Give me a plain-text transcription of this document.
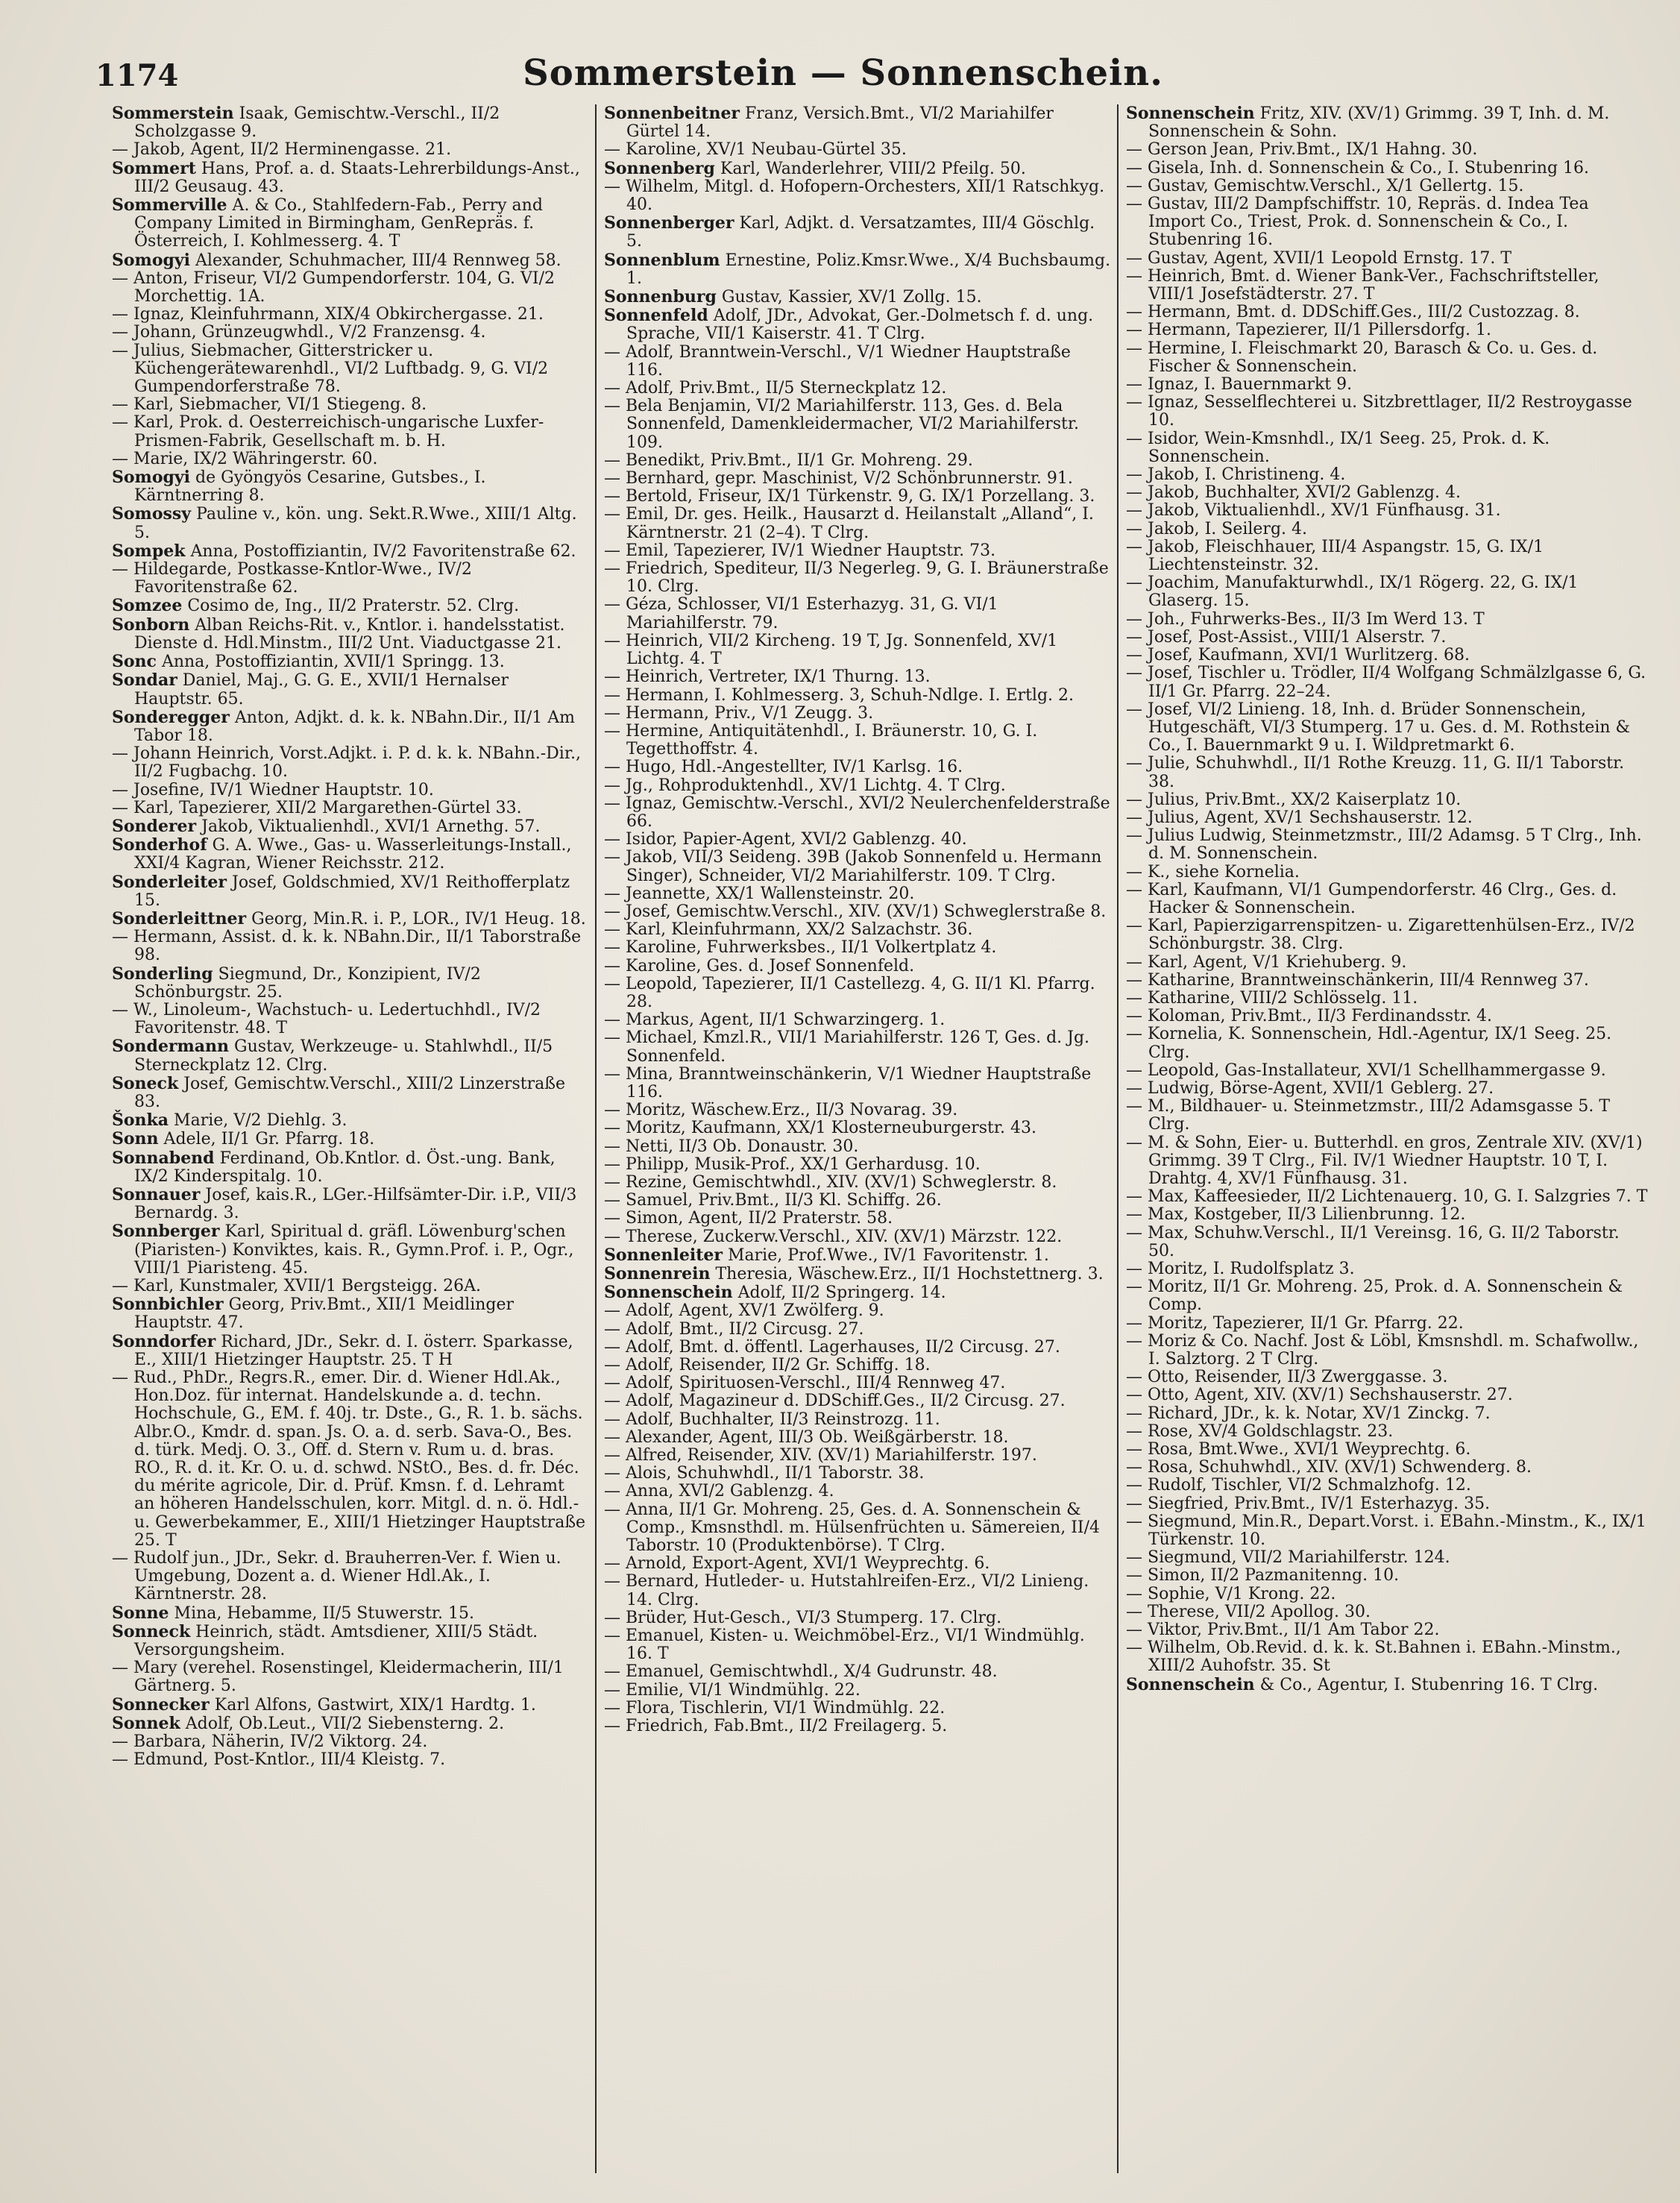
1174	Sommerstein — Sonnenschein.

Sommerstein Isaak, Gemischtw.-Verschl., II/2 Scholzgasse 9.

— Jakob, Agent, II/2 Herminengasse. 21.

Sommert Hans, Prof. a. d. Staats-Lehrerbildungs-Anst., III/2 Geusaug. 43.

Sommerville A. & Co., Stahlfedern-Fab., Perry and Company Limited in Birmingham, GenRepräs. f. Österreich, I. Kohlmesserg. 4. T

Somogyi Alexander, Schuhmacher, III/4 Rennweg 58.

— Anton, Friseur, VI/2 Gumpendorferstr. 104, G. VI/2 Morchettig. 1A.

— Ignaz, Kleinfuhrmann, XIX/4 Obkirchergasse. 21.

— Johann, Grünzeugwhdl., V/2 Franzensg. 4.

— Julius, Siebmacher, Gitterstricker u. Küchengerätewarenhdl., VI/2 Luftbadg. 9, G. VI/2 Gumpendorferstraße 78.

— Karl, Siebmacher, VI/1 Stiegeng. 8.

— Karl, Prok. d. Oesterreichisch-ungarische Luxfer-Prismen-Fabrik, Gesellschaft m. b. H.

— Marie, IX/2 Währingerstr. 60.

Somogyi de Gyöngyös Cesarine, Gutsbes., I. Kärntnerring 8.

Somossy Pauline v., kön. ung. Sekt.R.Wwe., XIII/1 Altg. 5.

Sompek Anna, Postoffiziantin, IV/2 Favoritenstraße 62.

— Hildegarde, Postkasse-Kntlor-Wwe., IV/2 Favoritenstraße 62.

Somzee Cosimo de, Ing., II/2 Praterstr. 52. Clrg.

Sonborn Alban Reichs-Rit. v., Kntlor. i. handelsstatist. Dienste d. Hdl.Minstm., III/2 Unt. Viaductgasse 21.

Sonc Anna, Postoffiziantin, XVII/1 Springg. 13.

Sondar Daniel, Maj., G. G. E., XVII/1 Hernalser Hauptstr. 65.

Sonderegger Anton, Adjkt. d. k. k. NBahn.Dir., II/1 Am Tabor 18.

— Johann Heinrich, Vorst.Adjkt. i. P. d. k. k. NBahn.-Dir., II/2 Fugbachg. 10.

— Josefine, IV/1 Wiedner Hauptstr. 10.

— Karl, Tapezierer, XII/2 Margarethen-Gürtel 33.

Sonderer Jakob, Viktualienhdl., XVI/1 Arnethg. 57.

Sonderhof G. A. Wwe., Gas- u. Wasserleitungs-Install., XXI/4 Kagran, Wiener Reichsstr. 212.

Sonderleiter Josef, Goldschmied, XV/1 Reithofferplatz 15.

Sonderleittner Georg, Min.R. i. P., LOR., IV/1 Heug. 18.

— Hermann, Assist. d. k. k. NBahn.Dir., II/1 Taborstraße 98.

Sonderling Siegmund, Dr., Konzipient, IV/2 Schönburgstr. 25.

— W., Linoleum-, Wachstuch- u. Ledertuchhdl., IV/2 Favoritenstr. 48. T

Sondermann Gustav, Werkzeuge- u. Stahlwhdl., II/5 Sterneckplatz 12. Clrg.

Soneck Josef, Gemischtw.Verschl., XIII/2 Linzerstraße 83.

Šonka Marie, V/2 Diehlg. 3.

Sonn Adele, II/1 Gr. Pfarrg. 18.

Sonnabend Ferdinand, Ob.Kntlor. d. Öst.-ung. Bank, IX/2 Kinderspitalg. 10.

Sonnauer Josef, kais.R., LGer.-Hilfsämter-Dir. i.P., VII/3 Bernardg. 3.

Sonnberger Karl, Spiritual d. gräfl. Löwenburg'schen (Piaristen-) Konviktes, kais. R., Gymn.Prof. i. P., Ogr., VIII/1 Piaristeng. 45.

— Karl, Kunstmaler, XVII/1 Bergsteigg. 26A.

Sonnbichler Georg, Priv.Bmt., XII/1 Meidlinger Hauptstr. 47.

Sonndorfer Richard, JDr., Sekr. d. I. österr. Sparkasse, E., XIII/1 Hietzinger Hauptstr. 25. T H

— Rud., PhDr., Regrs.R., emer. Dir. d. Wiener Hdl.Ak., Hon.Doz. für internat. Handelskunde a. d. techn. Hochschule, G., EM. f. 40j. tr. Dste., G., R. 1. b. sächs. Albr.O., Kmdr. d. span. Js. O. a. d. serb. Sava-O., Bes. d. türk. Medj. O. 3., Off. d. Stern v. Rum u. d. bras. RO., R. d. it. Kr. O. u. d. schwd. NStO., Bes. d. fr. Déc. du mérite agricole, Dir. d. Prüf. Kmsn. f. d. Lehramt an höheren Handelsschulen, korr. Mitgl. d. n. ö. Hdl.- u. Gewerbekammer, E., XIII/1 Hietzinger Hauptstraße 25. T

— Rudolf jun., JDr., Sekr. d. Brauherren-Ver. f. Wien u. Umgebung, Dozent a. d. Wiener Hdl.Ak., I. Kärntnerstr. 28.

Sonne Mina, Hebamme, II/5 Stuwerstr. 15.

Sonneck Heinrich, städt. Amtsdiener, XIII/5 Städt. Versorgungsheim.

— Mary (verehel. Rosenstingel, Kleidermacherin, III/1 Gärtnerg. 5.

Sonnecker Karl Alfons, Gastwirt, XIX/1 Hardtg. 1.

Sonnek Adolf, Ob.Leut., VII/2 Siebensterng. 2.

— Barbara, Näherin, IV/2 Viktorg. 24.

— Edmund, Post-Kntlor., III/4 Kleistg. 7.

Sonnenbeitner Franz, Versich.Bmt., VI/2 Mariahilfer Gürtel 14.

— Karoline, XV/1 Neubau-Gürtel 35.

Sonnenberg Karl, Wanderlehrer, VIII/2 Pfeilg. 50.

— Wilhelm, Mitgl. d. Hofopern-Orchesters, XII/1 Ratschkyg. 40.

Sonnenberger Karl, Adjkt. d. Versatzamtes, III/4 Göschlg. 5.

Sonnenblum Ernestine, Poliz.Kmsr.Wwe., X/4 Buchsbaumg. 1.

Sonnenburg Gustav, Kassier, XV/1 Zollg. 15.

Sonnenfeld Adolf, JDr., Advokat, Ger.-Dolmetsch f. d. ung. Sprache, VII/1 Kaiserstr. 41. T Clrg.

— Adolf, Branntwein-Verschl., V/1 Wiedner Hauptstraße 116.

— Adolf, Priv.Bmt., II/5 Sterneckplatz 12.

— Bela Benjamin, VI/2 Mariahilferstr. 113, Ges. d. Bela Sonnenfeld, Damenkleidermacher, VI/2 Mariahilferstr. 109.

— Benedikt, Priv.Bmt., II/1 Gr. Mohreng. 29.

— Bernhard, gepr. Maschinist, V/2 Schönbrunnerstr. 91.

— Bertold, Friseur, IX/1 Türkenstr. 9, G. IX/1 Porzellang. 3.

— Emil, Dr. ges. Heilk., Hausarzt d. Heilanstalt „Alland“, I. Kärntnerstr. 21 (2–4). T Clrg.

— Emil, Tapezierer, IV/1 Wiedner Hauptstr. 73.

— Friedrich, Spediteur, II/3 Negerleg. 9, G. I. Bräunerstraße 10. Clrg.

— Géza, Schlosser, VI/1 Esterhazyg. 31, G. VI/1 Mariahilferstr. 79.

— Heinrich, VII/2 Kircheng. 19 T, Jg. Sonnenfeld, XV/1 Lichtg. 4. T

— Heinrich, Vertreter, IX/1 Thurng. 13.

— Hermann, I. Kohlmesserg. 3, Schuh-Ndlge. I. Ertlg. 2.

— Hermann, Priv., V/1 Zeugg. 3.

— Hermine, Antiquitätenhdl., I. Bräunerstr. 10, G. I. Tegetthoffstr. 4.

— Hugo, Hdl.-Angestellter, IV/1 Karlsg. 16.

— Jg., Rohproduktenhdl., XV/1 Lichtg. 4. T Clrg.

— Ignaz, Gemischtw.-Verschl., XVI/2 Neulerchenfelderstraße 66.

— Isidor, Papier-Agent, XVI/2 Gablenzg. 40.

— Jakob, VII/3 Seideng. 39B (Jakob Sonnenfeld u. Hermann Singer), Schneider, VI/2 Mariahilferstr. 109. T Clrg.

— Jeannette, XX/1 Wallensteinstr. 20.

— Josef, Gemischtw.Verschl., XIV. (XV/1) Schweglerstraße 8.

— Karl, Kleinfuhrmann, XX/2 Salzachstr. 36.

— Karoline, Fuhrwerksbes., II/1 Volkertplatz 4.

— Karoline, Ges. d. Josef Sonnenfeld.

— Leopold, Tapezierer, II/1 Castellezg. 4, G. II/1 Kl. Pfarrg. 28.

— Markus, Agent, II/1 Schwarzingerg. 1.

— Michael, Kmzl.R., VII/1 Mariahilferstr. 126 T, Ges. d. Jg. Sonnenfeld.

— Mina, Branntweinschänkerin, V/1 Wiedner Hauptstraße 116.

— Moritz, Wäschew.Erz., II/3 Novarag. 39.

— Moritz, Kaufmann, XX/1 Klosterneuburgerstr. 43.

— Netti, II/3 Ob. Donaustr. 30.

— Philipp, Musik-Prof., XX/1 Gerhardusg. 10.

— Rezine, Gemischtwhdl., XIV. (XV/1) Schweglerstr. 8.

— Samuel, Priv.Bmt., II/3 Kl. Schiffg. 26.

— Simon, Agent, II/2 Praterstr. 58.

— Therese, Zuckerw.Verschl., XIV. (XV/1) Märzstr. 122.

Sonnenleiter Marie, Prof.Wwe., IV/1 Favoritenstr. 1.

Sonnenrein Theresia, Wäschew.Erz., II/1 Hochstettnerg. 3.

Sonnenschein Adolf, II/2 Springerg. 14.

— Adolf, Agent, XV/1 Zwölferg. 9.

— Adolf, Bmt., II/2 Circusg. 27.

— Adolf, Bmt. d. öffentl. Lagerhauses, II/2 Circusg. 27.

— Adolf, Reisender, II/2 Gr. Schiffg. 18.

— Adolf, Spirituosen-Verschl., III/4 Rennweg 47.

— Adolf, Magazineur d. DDSchiff.Ges., II/2 Circusg. 27.

— Adolf, Buchhalter, II/3 Reinstrozg. 11.

— Alexander, Agent, III/3 Ob. Weißgärberstr. 18.

— Alfred, Reisender, XIV. (XV/1) Mariahilferstr. 197.

— Alois, Schuhwhdl., II/1 Taborstr. 38.

— Anna, XVI/2 Gablenzg. 4.

— Anna, II/1 Gr. Mohreng. 25, Ges. d. A. Sonnenschein & Comp., Kmsnsthdl. m. Hülsenfrüchten u. Sämereien, II/4 Taborstr. 10 (Produktenbörse). T Clrg.

— Arnold, Export-Agent, XVI/1 Weyprechtg. 6.

— Bernard, Hutleder- u. Hutstahlreifen-Erz., VI/2 Linieng. 14. Clrg.

— Brüder, Hut-Gesch., VI/3 Stumperg. 17. Clrg.

— Emanuel, Kisten- u. Weichmöbel-Erz., VI/1 Windmühlg. 16. T

— Emanuel, Gemischtwhdl., X/4 Gudrunstr. 48.

— Emilie, VI/1 Windmühlg. 22.

— Flora, Tischlerin, VI/1 Windmühlg. 22.

— Friedrich, Fab.Bmt., II/2 Freilagerg. 5.

Sonnenschein Fritz, XIV. (XV/1) Grimmg. 39 T, Inh. d. M. Sonnenschein & Sohn.

— Gerson Jean, Priv.Bmt., IX/1 Hahng. 30.

— Gisela, Inh. d. Sonnenschein & Co., I. Stubenring 16.

— Gustav, Gemischtw.Verschl., X/1 Gellertg. 15.

— Gustav, III/2 Dampfschiffstr. 10, Repräs. d. Indea Tea Import Co., Triest, Prok. d. Sonnenschein & Co., I. Stubenring 16.

— Gustav, Agent, XVII/1 Leopold Ernstg. 17. T

— Heinrich, Bmt. d. Wiener Bank-Ver., Fachschriftsteller, VIII/1 Josefstädterstr. 27. T

— Hermann, Bmt. d. DDSchiff.Ges., III/2 Custozzag. 8.

— Hermann, Tapezierer, II/1 Pillersdorfg. 1.

— Hermine, I. Fleischmarkt 20, Barasch & Co. u. Ges. d. Fischer & Sonnenschein.

— Ignaz, I. Bauernmarkt 9.

— Ignaz, Sesselflechterei u. Sitzbrettlager, II/2 Restroygasse 10.

— Isidor, Wein-Kmsnhdl., IX/1 Seeg. 25, Prok. d. K. Sonnenschein.

— Jakob, I. Christineng. 4.

— Jakob, Buchhalter, XVI/2 Gablenzg. 4.

— Jakob, Viktualienhdl., XV/1 Fünfhausg. 31.

— Jakob, I. Seilerg. 4.

— Jakob, Fleischhauer, III/4 Aspangstr. 15, G. IX/1 Liechtensteinstr. 32.

— Joachim, Manufakturwhdl., IX/1 Rögerg. 22, G. IX/1 Glaserg. 15.

— Joh., Fuhrwerks-Bes., II/3 Im Werd 13. T

— Josef, Post-Assist., VIII/1 Alserstr. 7.

— Josef, Kaufmann, XVI/1 Wurlitzerg. 68.

— Josef, Tischler u. Trödler, II/4 Wolfgang Schmälzlgasse 6, G. II/1 Gr. Pfarrg. 22–24.

— Josef, VI/2 Linieng. 18, Inh. d. Brüder Sonnenschein, Hutgeschäft, VI/3 Stumperg. 17 u. Ges. d. M. Rothstein & Co., I. Bauernmarkt 9 u. I. Wildpretmarkt 6.

— Julie, Schuhwhdl., II/1 Rothe Kreuzg. 11, G. II/1 Taborstr. 38.

— Julius, Priv.Bmt., XX/2 Kaiserplatz 10.

— Julius, Agent, XV/1 Sechshauserstr. 12.

— Julius Ludwig, Steinmetzmstr., III/2 Adamsg. 5 T Clrg., Inh. d. M. Sonnenschein.

— K., siehe Kornelia.

— Karl, Kaufmann, VI/1 Gumpendorferstr. 46 Clrg., Ges. d. Hacker & Sonnenschein.

— Karl, Papierzigarrenspitzen- u. Zigarettenhülsen-Erz., IV/2 Schönburgstr. 38. Clrg.

— Karl, Agent, V/1 Kriehuberg. 9.

— Katharine, Branntweinschänkerin, III/4 Rennweg 37.

— Katharine, VIII/2 Schlösselg. 11.

— Koloman, Priv.Bmt., II/3 Ferdinandsstr. 4.

— Kornelia, K. Sonnenschein, Hdl.-Agentur, IX/1 Seeg. 25. Clrg.

— Leopold, Gas-Installateur, XVI/1 Schellhammergasse 9.

— Ludwig, Börse-Agent, XVII/1 Geblerg. 27.

— M., Bildhauer- u. Steinmetzmstr., III/2 Adamsgasse 5. T Clrg.

— M. & Sohn, Eier- u. Butterhdl. en gros, Zentrale XIV. (XV/1) Grimmg. 39 T Clrg., Fil. IV/1 Wiedner Hauptstr. 10 T, I. Drahtg. 4, XV/1 Fünfhausg. 31.

— Max, Kaffeesieder, II/2 Lichtenauerg. 10, G. I. Salzgries 7. T

— Max, Kostgeber, II/3 Lilienbrunng. 12.

— Max, Schuhw.Verschl., II/1 Vereinsg. 16, G. II/2 Taborstr. 50.

— Moritz, I. Rudolfsplatz 3.

— Moritz, II/1 Gr. Mohreng. 25, Prok. d. A. Sonnenschein & Comp.

— Moritz, Tapezierer, II/1 Gr. Pfarrg. 22.

— Moriz & Co. Nachf. Jost & Löbl, Kmsnshdl. m. Schafwollw., I. Salztorg. 2 T Clrg.

— Otto, Reisender, II/3 Zwerggasse. 3.

— Otto, Agent, XIV. (XV/1) Sechshauserstr. 27.

— Richard, JDr., k. k. Notar, XV/1 Zinckg. 7.

— Rose, XV/4 Goldschlagstr. 23.

— Rosa, Bmt.Wwe., XVI/1 Weyprechtg. 6.

— Rosa, Schuhwhdl., XIV. (XV/1) Schwenderg. 8.

— Rudolf, Tischler, VI/2 Schmalzhofg. 12.

— Siegfried, Priv.Bmt., IV/1 Esterhazyg. 35.

— Siegmund, Min.R., Depart.Vorst. i. EBahn.-Minstm., K., IX/1 Türkenstr. 10.

— Siegmund, VII/2 Mariahilferstr. 124.

— Simon, II/2 Pazmanitenng. 10.

— Sophie, V/1 Krong. 22.

— Therese, VII/2 Apollog. 30.

— Viktor, Priv.Bmt., II/1 Am Tabor 22.

— Wilhelm, Ob.Revid. d. k. k. St.Bahnen i. EBahn.-Minstm., XIII/2 Auhofstr. 35. St

Sonnenschein & Co., Agentur, I. Stubenring 16. T Clrg.
